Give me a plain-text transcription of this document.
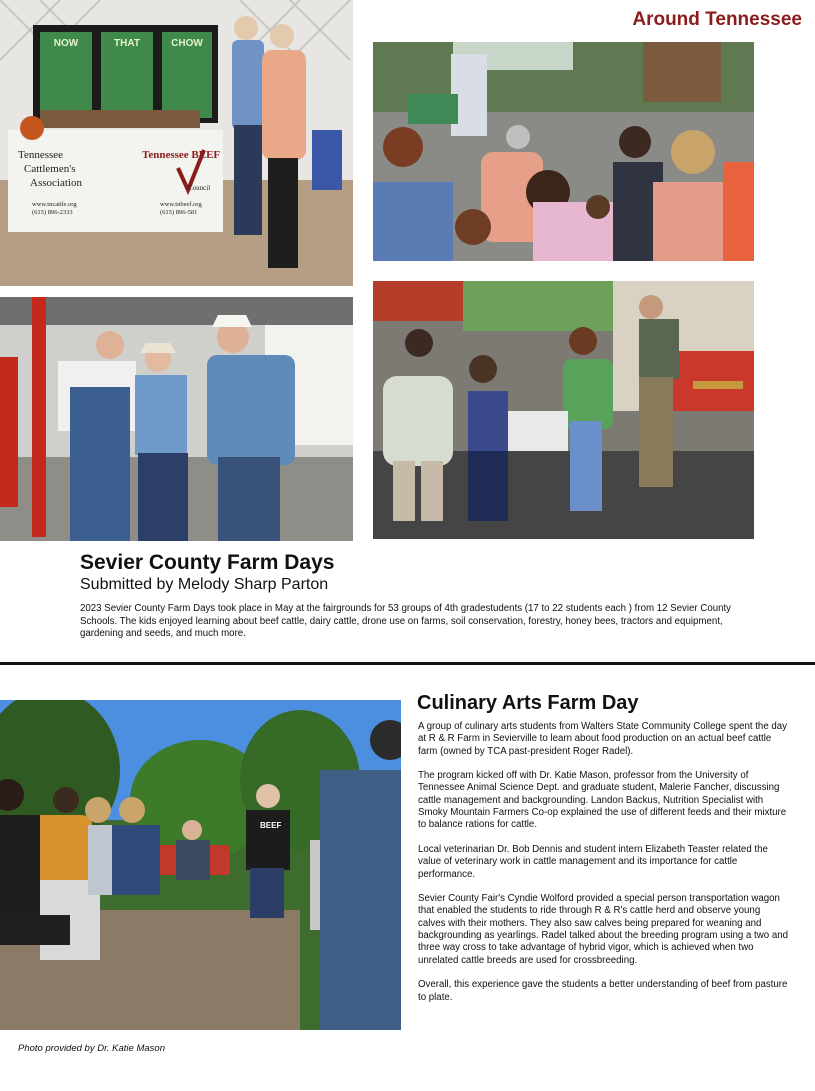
Around Tennessee
NOW	THAT	CHOW
Tennessee
Cattlemen's
Association
www.tncattle.org
(615) 896-2333
Tennessee BEEF
Council
www.tnbeef.org
(615) 896-581
Sevier County Farm Days
Submitted by Melody Sharp Parton
2023 Sevier County Farm Days took place in May at the fairgrounds for 53 groups of 4th gradestudents (17 to 22 students each ) from 12 Sevier County Schools. The kids enjoyed learning about beef cattle, dairy cattle, drone use on farms, soil conservation, forestry, honey bees, tractors and equipment, gardening and seeds, and much more.
BEEF
Culinary Arts Farm Day

A group of culinary arts students from Walters State Community College spent the day at R & R Farm in Sevierville to learn about food production on an actual beef cattle farm (owned by TCA past-president Roger Radel).

The program kicked off with Dr. Katie Mason, professor from the University of Tennessee Animal Science Dept. and graduate student, Malerie Fancher, discussing cattle management and backgrounding. Landon Backus, Nutrition Specialist with Smoky Mountain Farmers Co-op explained the use of different feeds and their mixture to balance rations for cattle.

Local veterinarian Dr. Bob Dennis and student intern Elizabeth Teaster related the value of veterinary work in cattle management and its importance for cattle performance.

Sevier County Fair's Cyndie Wolford provided a special person transportation wagon that enabled the students to ride through R & R's cattle herd and observe young calves with their mothers. They also saw calves being prepared for weaning and backgrounding as yearlings. Radel talked about the breeding program using a two and three way cross to take advantage of hybrid vigor, which is achieved when two unrelated cattle breeds are used for crossbreeding.

Overall, this experience gave the students a better understanding of beef from pasture to plate.

Photo provided by Dr. Katie Mason
